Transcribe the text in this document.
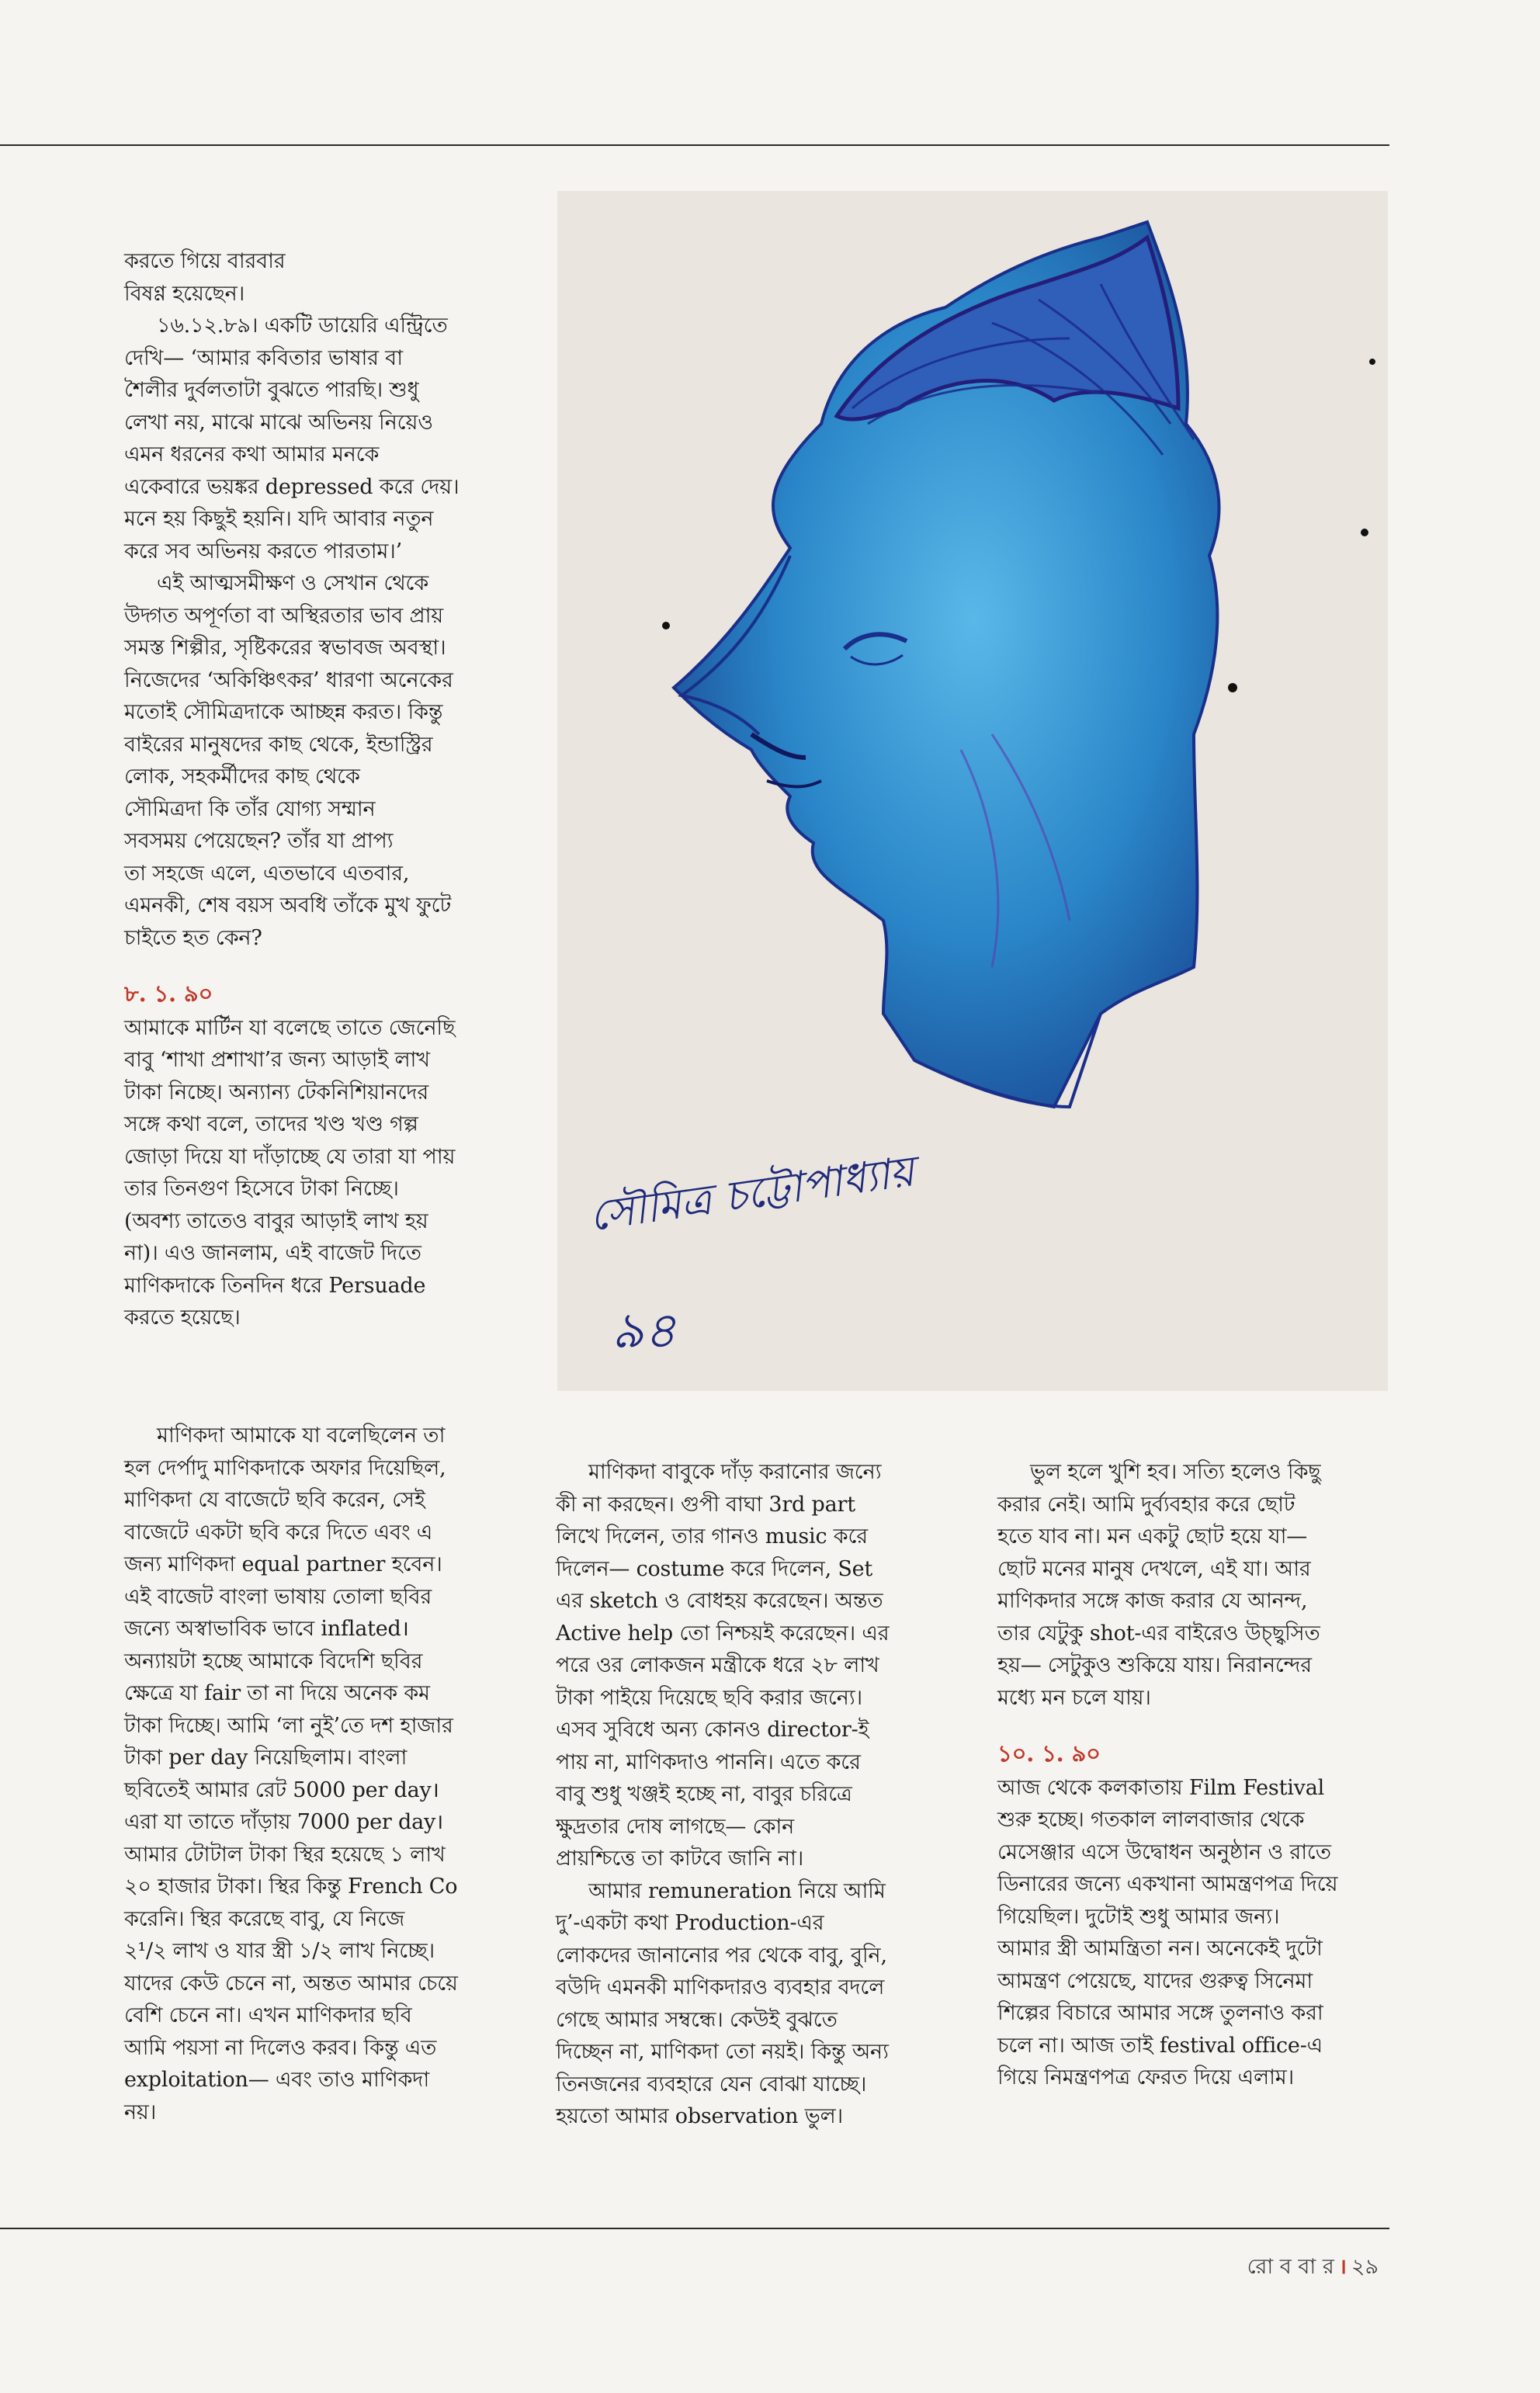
করতে গিয়ে বারবার

বিষণ্ণ হয়েছেন।

১৬.১২.৮৯। একটি ডায়েরি এন্ট্রিতে

দেখি— ‘আমার কবিতার ভাষার বা

শৈলীর দুর্বলতাটা বুঝতে পারছি। শুধু

লেখা নয়, মাঝে মাঝে অভিনয় নিয়েও

এমন ধরনের কথা আমার মনকে

একেবারে ভয়ঙ্কর depressed করে দেয়।

মনে হয় কিছুই হয়নি। যদি আবার নতুন

করে সব অভিনয় করতে পারতাম।’

এই আত্মসমীক্ষণ ও সেখান থেকে

উদ্গত অপূর্ণতা বা অস্থিরতার ভাব প্রায়

সমস্ত শিল্পীর, সৃষ্টিকরের স্বভাবজ অবস্থা।

নিজেদের ‘অকিঞ্চিৎকর’ ধারণা অনেকের

মতোই সৌমিত্রদাকে আচ্ছন্ন করত। কিন্তু

বাইরের মানুষদের কাছ থেকে, ইন্ডাস্ট্রির

লোক, সহকর্মীদের কাছ থেকে

সৌমিত্রদা কি তাঁর যোগ্য সম্মান

সবসময় পেয়েছেন? তাঁর যা প্রাপ্য

তা সহজে এলে, এতভাবে এতবার,

এমনকী, শেষ বয়স অবধি তাঁকে মুখ ফুটে

চাইতে হত কেন?

৮. ১. ৯০

আমাকে মার্টিন যা বলেছে তাতে জেনেছি

বাবু ‘শাখা প্রশাখা’র জন্য আড়াই লাখ

টাকা নিচ্ছে। অন্যান্য টেকনিশিয়ানদের

সঙ্গে কথা বলে, তাদের খণ্ড খণ্ড গল্প

জোড়া দিয়ে যা দাঁড়াচ্ছে যে তারা যা পায়

তার তিনগুণ হিসেবে টাকা নিচ্ছে।

(অবশ্য তাতেও বাবুর আড়াই লাখ হয়

না)। এও জানলাম, এই বাজেট দিতে

মাণিকদাকে তিনদিন ধরে Persuade

করতে হয়েছে।

মাণিকদা আমাকে যা বলেছিলেন তা

হল দের্পাদু মাণিকদাকে অফার দিয়েছিল,

মাণিকদা যে বাজেটে ছবি করেন, সেই

বাজেটে একটা ছবি করে দিতে এবং এ

জন্য মাণিকদা equal partner হবেন।

এই বাজেট বাংলা ভাষায় তোলা ছবির

জন্যে অস্বাভাবিক ভাবে inflated।

অন্যায়টা হচ্ছে আমাকে বিদেশি ছবির

ক্ষেত্রে যা fair তা না দিয়ে অনেক কম

টাকা দিচ্ছে। আমি ‘লা নুই’তে দশ হাজার

টাকা per day নিয়েছিলাম। বাংলা

ছবিতেই আমার রেট 5000 per day।

এরা যা তাতে দাঁড়ায় 7000 per day।

আমার টোটাল টাকা স্থির হয়েছে ১ লাখ

২০ হাজার টাকা। স্থির কিন্তু French Co

করেনি। স্থির করেছে বাবু, যে নিজে

২¹/২ লাখ ও যার স্ত্রী ১/২ লাখ নিচ্ছে।

যাদের কেউ চেনে না, অন্তত আমার চেয়ে

বেশি চেনে না। এখন মাণিকদার ছবি

আমি পয়সা না দিলেও করব। কিন্তু এত

exploitation— এবং তাও মাণিকদা

নয়।

সৌমিত্র চট্টোপাধ্যায়
৯৪

মাণিকদা বাবুকে দাঁড় করানোর জন্যে

কী না করছেন। গুপী বাঘা 3rd part

লিখে দিলেন, তার গানও music করে

দিলেন— costume করে দিলেন, Set

এর sketch ও বোধহয় করেছেন। অন্তত

Active help তো নিশ্চয়ই করেছেন। এর

পরে ওর লোকজন মন্ত্রীকে ধরে ২৮ লাখ

টাকা পাইয়ে দিয়েছে ছবি করার জন্যে।

এসব সুবিধে অন্য কোনও director-ই

পায় না, মাণিকদাও পাননি। এতে করে

বাবু শুধু খঞ্জই হচ্ছে না, বাবুর চরিত্রে

ক্ষুদ্রতার দোষ লাগছে— কোন

প্রায়শ্চিত্তে তা কাটবে জানি না।

আমার remuneration নিয়ে আমি

দু’-একটা কথা Production-এর

লোকদের জানানোর পর থেকে বাবু, বুনি,

বউদি এমনকী মাণিকদারও ব্যবহার বদলে

গেছে আমার সম্বন্ধে। কেউই বুঝতে

দিচ্ছেন না, মাণিকদা তো নয়ই। কিন্তু অন্য

তিনজনের ব্যবহারে যেন বোঝা যাচ্ছে।

হয়তো আমার observation ভুল।

ভুল হলে খুশি হব। সত্যি হলেও কিছু

করার নেই। আমি দুর্ব্যবহার করে ছোট

হতে যাব না। মন একটু ছোট হয়ে যা—

ছোট মনের মানুষ দেখলে, এই যা। আর

মাণিকদার সঙ্গে কাজ করার যে আনন্দ,

তার যেটুকু shot-এর বাইরেও উচ্ছ্বসিত

হয়— সেটুকুও শুকিয়ে যায়। নিরানন্দের

মধ্যে মন চলে যায়।

১০. ১. ৯০

আজ থেকে কলকাতায় Film Festival

শুরু হচ্ছে। গতকাল লালবাজার থেকে

মেসেঞ্জার এসে উদ্বোধন অনুষ্ঠান ও রাতে

ডিনারের জন্যে একখানা আমন্ত্রণপত্র দিয়ে

গিয়েছিল। দুটোই শুধু আমার জন্য।

আমার স্ত্রী আমন্ত্রিতা নন। অনেকেই দুটো

আমন্ত্রণ পেয়েছে, যাদের গুরুত্ব সিনেমা

শিল্পের বিচারে আমার সঙ্গে তুলনাও করা

চলে না। আজ তাই festival office-এ

গিয়ে নিমন্ত্রণপত্র ফেরত দিয়ে এলাম।

রো ব বা র । ২৯
